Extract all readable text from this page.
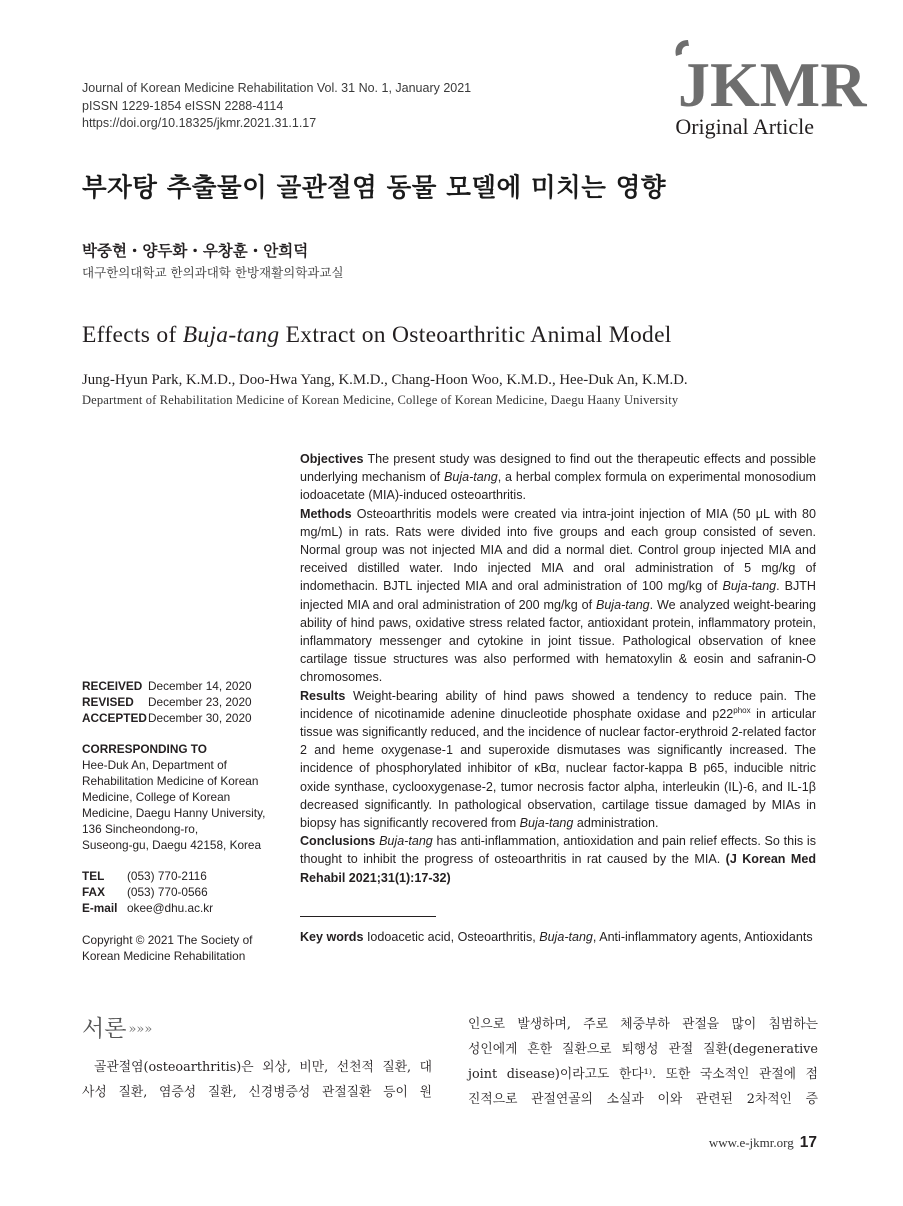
Journal of Korean Medicine Rehabilitation Vol. 31 No. 1, January 2021
pISSN 1229-1854 eISSN 2288-4114
https://doi.org/10.18325/jkmr.2021.31.1.17
JKMR
Original Article
부자탕 추출물이 골관절염 동물 모델에 미치는 영향
박중현・양두화・우창훈・안희덕
대구한의대학교 한의과대학 한방재활의학과교실
Effects of Buja-tang Extract on Osteoarthritic Animal Model
Jung-Hyun Park, K.M.D., Doo-Hwa Yang, K.M.D., Chang-Hoon Woo, K.M.D., Hee-Duk An, K.M.D.
Department of Rehabilitation Medicine of Korean Medicine, College of Korean Medicine, Daegu Haany University

Objectives The present study was designed to find out the therapeutic effects and possible underlying mechanism of Buja-tang, a herbal complex formula on experimental monosodium iodoacetate (MIA)-induced osteoarthritis.

Methods Osteoarthritis models were created via intra-joint injection of MIA (50 μL with 80 mg/mL) in rats. Rats were divided into five groups and each group consisted of seven. Normal group was not injected MIA and did a normal diet. Control group injected MIA and received distilled water. Indo injected MIA and oral administration of 5 mg/kg of indomethacin. BJTL injected MIA and oral administration of 100 mg/kg of Buja-tang. BJTH injected MIA and oral administration of 200 mg/kg of Buja-tang. We analyzed weight-bearing ability of hind paws, oxidative stress related factor, antioxidant protein, inflammatory protein, inflammatory messenger and cytokine in joint tissue. Pathological observation of knee cartilage tissue structures was also performed with hematoxylin & eosin and safranin-O chromosomes.

Results Weight-bearing ability of hind paws showed a tendency to reduce pain. The incidence of nicotinamide adenine dinucleotide phosphate oxidase and $p22^{phox}$ in articular tissue was significantly reduced, and the incidence of nuclear factor-erythroid 2-related factor 2 and heme oxygenase-1 and superoxide dismutases was significantly increased. The incidence of phosphorylated inhibitor of κBα, nuclear factor-kappa B p65, inducible nitric oxide synthase, cyclooxygenase-2, tumor necrosis factor alpha, interleukin (IL)-6, and IL-1β decreased significantly. In pathological observation, cartilage tissue damaged by MIAs in biopsy has significantly recovered from Buja-tang administration.

Conclusions Buja-tang has anti-inflammation, antioxidation and pain relief effects. So this is thought to inhibit the progress of osteoarthritis in rat caused by the MIA. (J Korean Med Rehabil 2021;31(1):17-32)

Key words Iodoacetic acid, Osteoarthritis, Buja-tang, Anti-inflammatory agents, Antioxidants
RECEIVED December 14, 2020
REVISED December 23, 2020
ACCEPTEDDecember 30, 2020
CORRESPONDING TO
Hee-Duk An, Department of
Rehabilitation Medicine of Korean
Medicine, College of Korean
Medicine, Daegu Hanny University,
136 Sincheondong-ro,
Suseong-gu, Daegu 42158, Korea
TEL (053) 770-2116
FAX (053) 770-0566
E-mail okee@dhu.ac.kr
Copyright © 2021 The Society of
Korean Medicine Rehabilitation
서론 »»»
골관절염(osteoarthritis)은 외상, 비만, 선천적 질환, 대
사성 질환, 염증성 질환, 신경병증성 관절질환 등이 원
인으로 발생하며, 주로 체중부하 관절을 많이 침범하는
성인에게 흔한 질환으로 퇴행성 관절 질환(degenerative
joint disease)이라고도 한다¹⁾. 또한 국소적인 관절에 점
진적으로 관절연골의 소실과 이와 관련된 2차적인 증
www.e-jkmr.org 17
